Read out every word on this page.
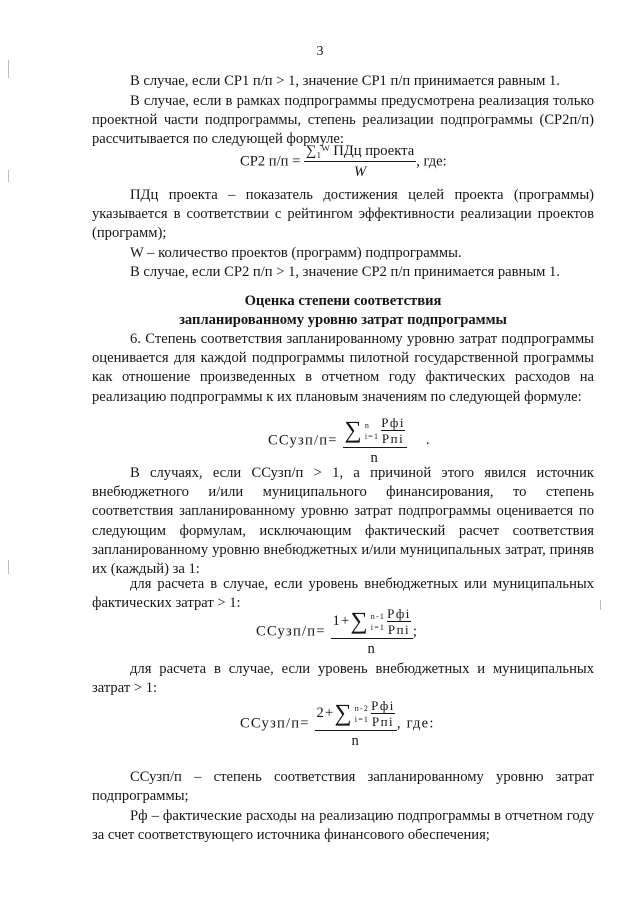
3
В случае, если СР1 п/п > 1, значение СР1 п/п принимается равным 1.
В случае, если в рамках подпрограммы предусмотрена реализация только проектной части подпрограммы, степень реализации подпрограммы (СР2п/п) рассчитывается по следующей формуле:
СР2 $п/п = \frac{\text{∑₁ᵂ ПДц проекта}}{W}$ , где:
ПДц проекта – показатель достижения целей проекта (программы) указывается в соответствии с рейтингом эффективности реализации проектов (программ);
W – количество проектов (программ) подпрограммы.
В случае, если СР2 п/п > 1, значение СР2 п/п принимается равным 1.
Оценка степени соответствия
запланированному уровню затрат подпрограммы
6. Степень соответствия запланированному уровню затрат подпрограммы оценивается для каждой подпрограммы пилотной государственной программы как отношение произведенных в отчетном году фактических расходов на реализацию подпрограммы к их плановым значениям по следующей формуле:
ССузп/п= ∑ n
i=1
Рфi
Рпi
n
.
В случаях, если ССузп/п > 1, а причиной этого явился источник внебюджетного и/или муниципального финансирования, то степень соответствия запланированному уровню затрат подпрограммы оценивается по следующим формулам, исключающим фактический расчет соответствия запланированному уровню внебюджетных и/или муниципальных затрат, приняв их (каждый) за 1:
для расчета в случае, если уровень внебюджетных или муниципальных фактических затрат > 1:
ССузп/п=
1+∑ n-1
i=1
Рфi
Рпi
n
;
для расчета в случае, если уровень внебюджетных и муниципальных затрат > 1:
ССузп/п=
2+∑ n-2
i=1
Рфi
Рпi
n
, где:
ССузп/п – степень соответствия запланированному уровню затрат подпрограммы;
Рф – фактические расходы на реализацию подпрограммы в отчетном году за счет соответствующего источника финансового обеспечения;
